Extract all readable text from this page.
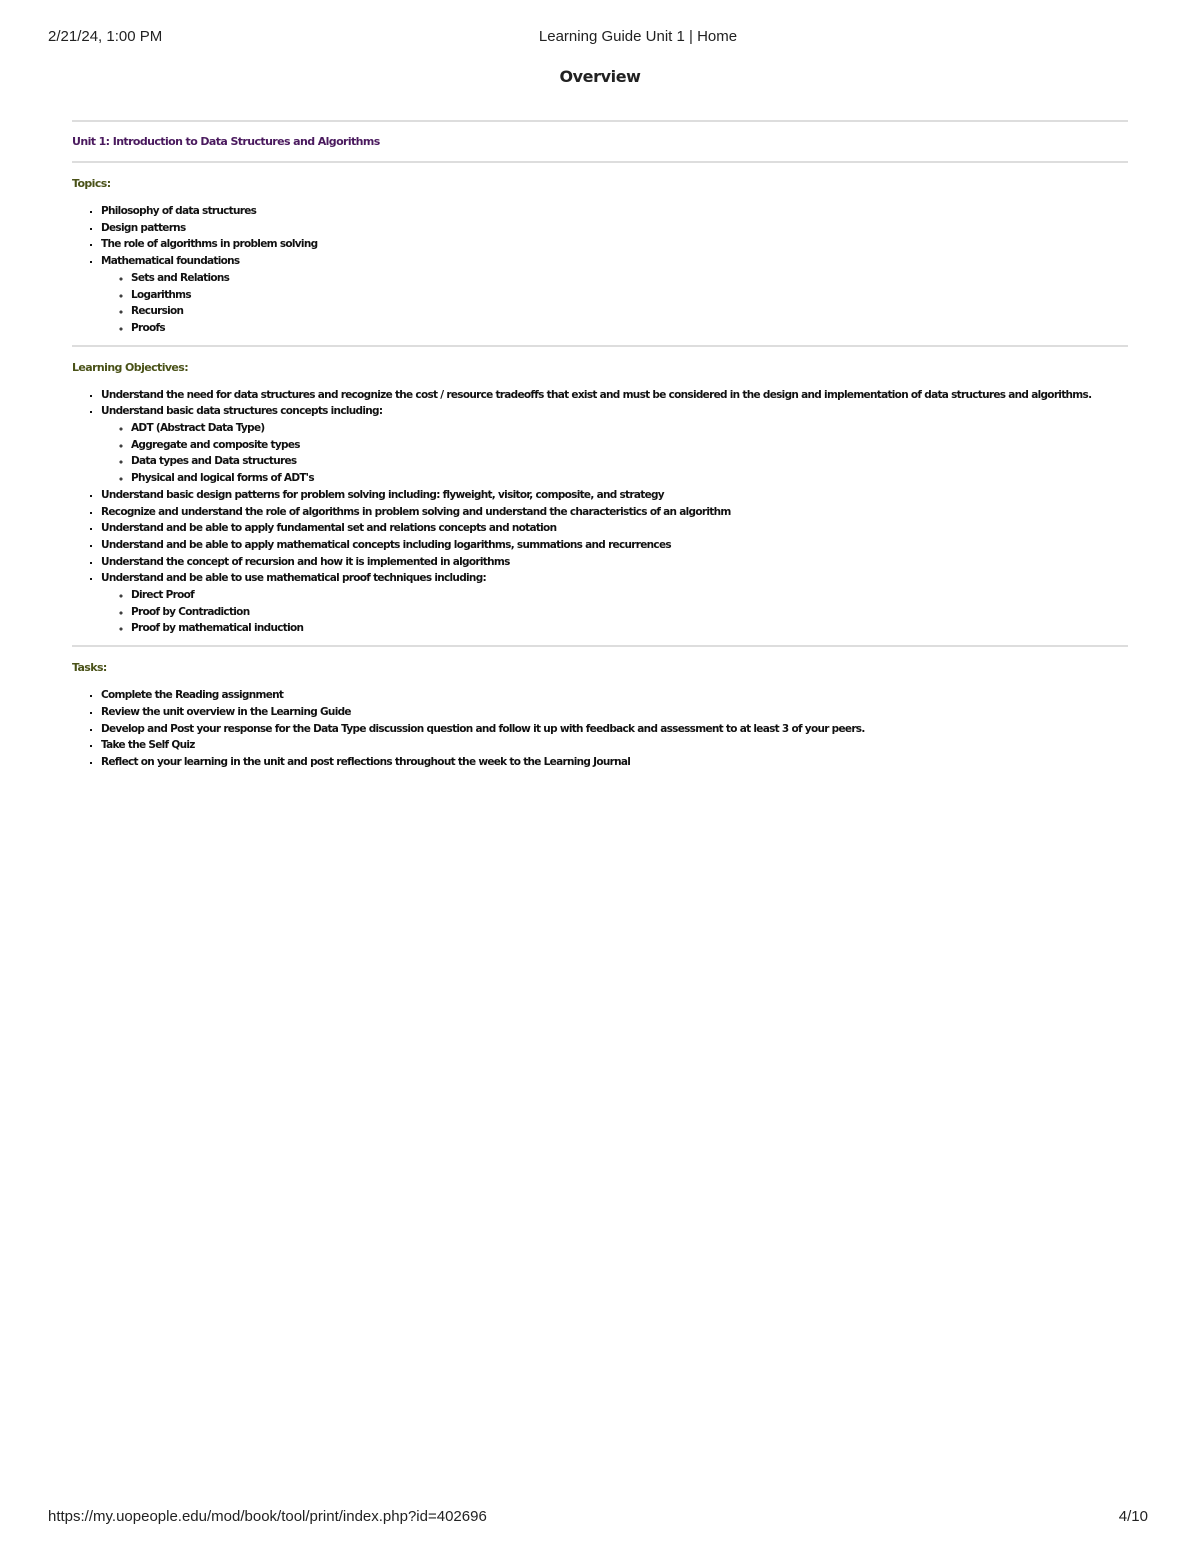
2/21/24, 1:00 PM	Learning Guide Unit 1 | Home
Overview
Unit 1: Introduction to Data Structures and Algorithms
Topics:
▪ Philosophy of data structures
▪ Design patterns
▪ The role of algorithms in problem solving
▪ Mathematical foundations
◦ Sets and Relations
◦ Logarithms
◦ Recursion
◦ Proofs
Learning Objectives:
▪ Understand the need for data structures and recognize the cost / resource tradeoffs that exist and must be considered in the design and implementation of data structures and algorithms.
▪ Understand basic data structures concepts including:
◦ ADT (Abstract Data Type)
◦ Aggregate and composite types
◦ Data types and Data structures
◦ Physical and logical forms of ADT's
▪ Understand basic design patterns for problem solving including: flyweight, visitor, composite, and strategy
▪ Recognize and understand the role of algorithms in problem solving and understand the characteristics of an algorithm
▪ Understand and be able to apply fundamental set and relations concepts and notation
▪ Understand and be able to apply mathematical concepts including logarithms, summations and recurrences
▪ Understand the concept of recursion and how it is implemented in algorithms
▪ Understand and be able to use mathematical proof techniques including:
◦ Direct Proof
◦ Proof by Contradiction
◦ Proof by mathematical induction
Tasks:
▪ Complete the Reading assignment
▪ Review the unit overview in the Learning Guide
▪ Develop and Post your response for the Data Type discussion question and follow it up with feedback and assessment to at least 3 of your peers.
▪ Take the Self Quiz
▪ Reflect on your learning in the unit and post reflections throughout the week to the Learning Journal
https://my.uopeople.edu/mod/book/tool/print/index.php?id=402696	4/10
